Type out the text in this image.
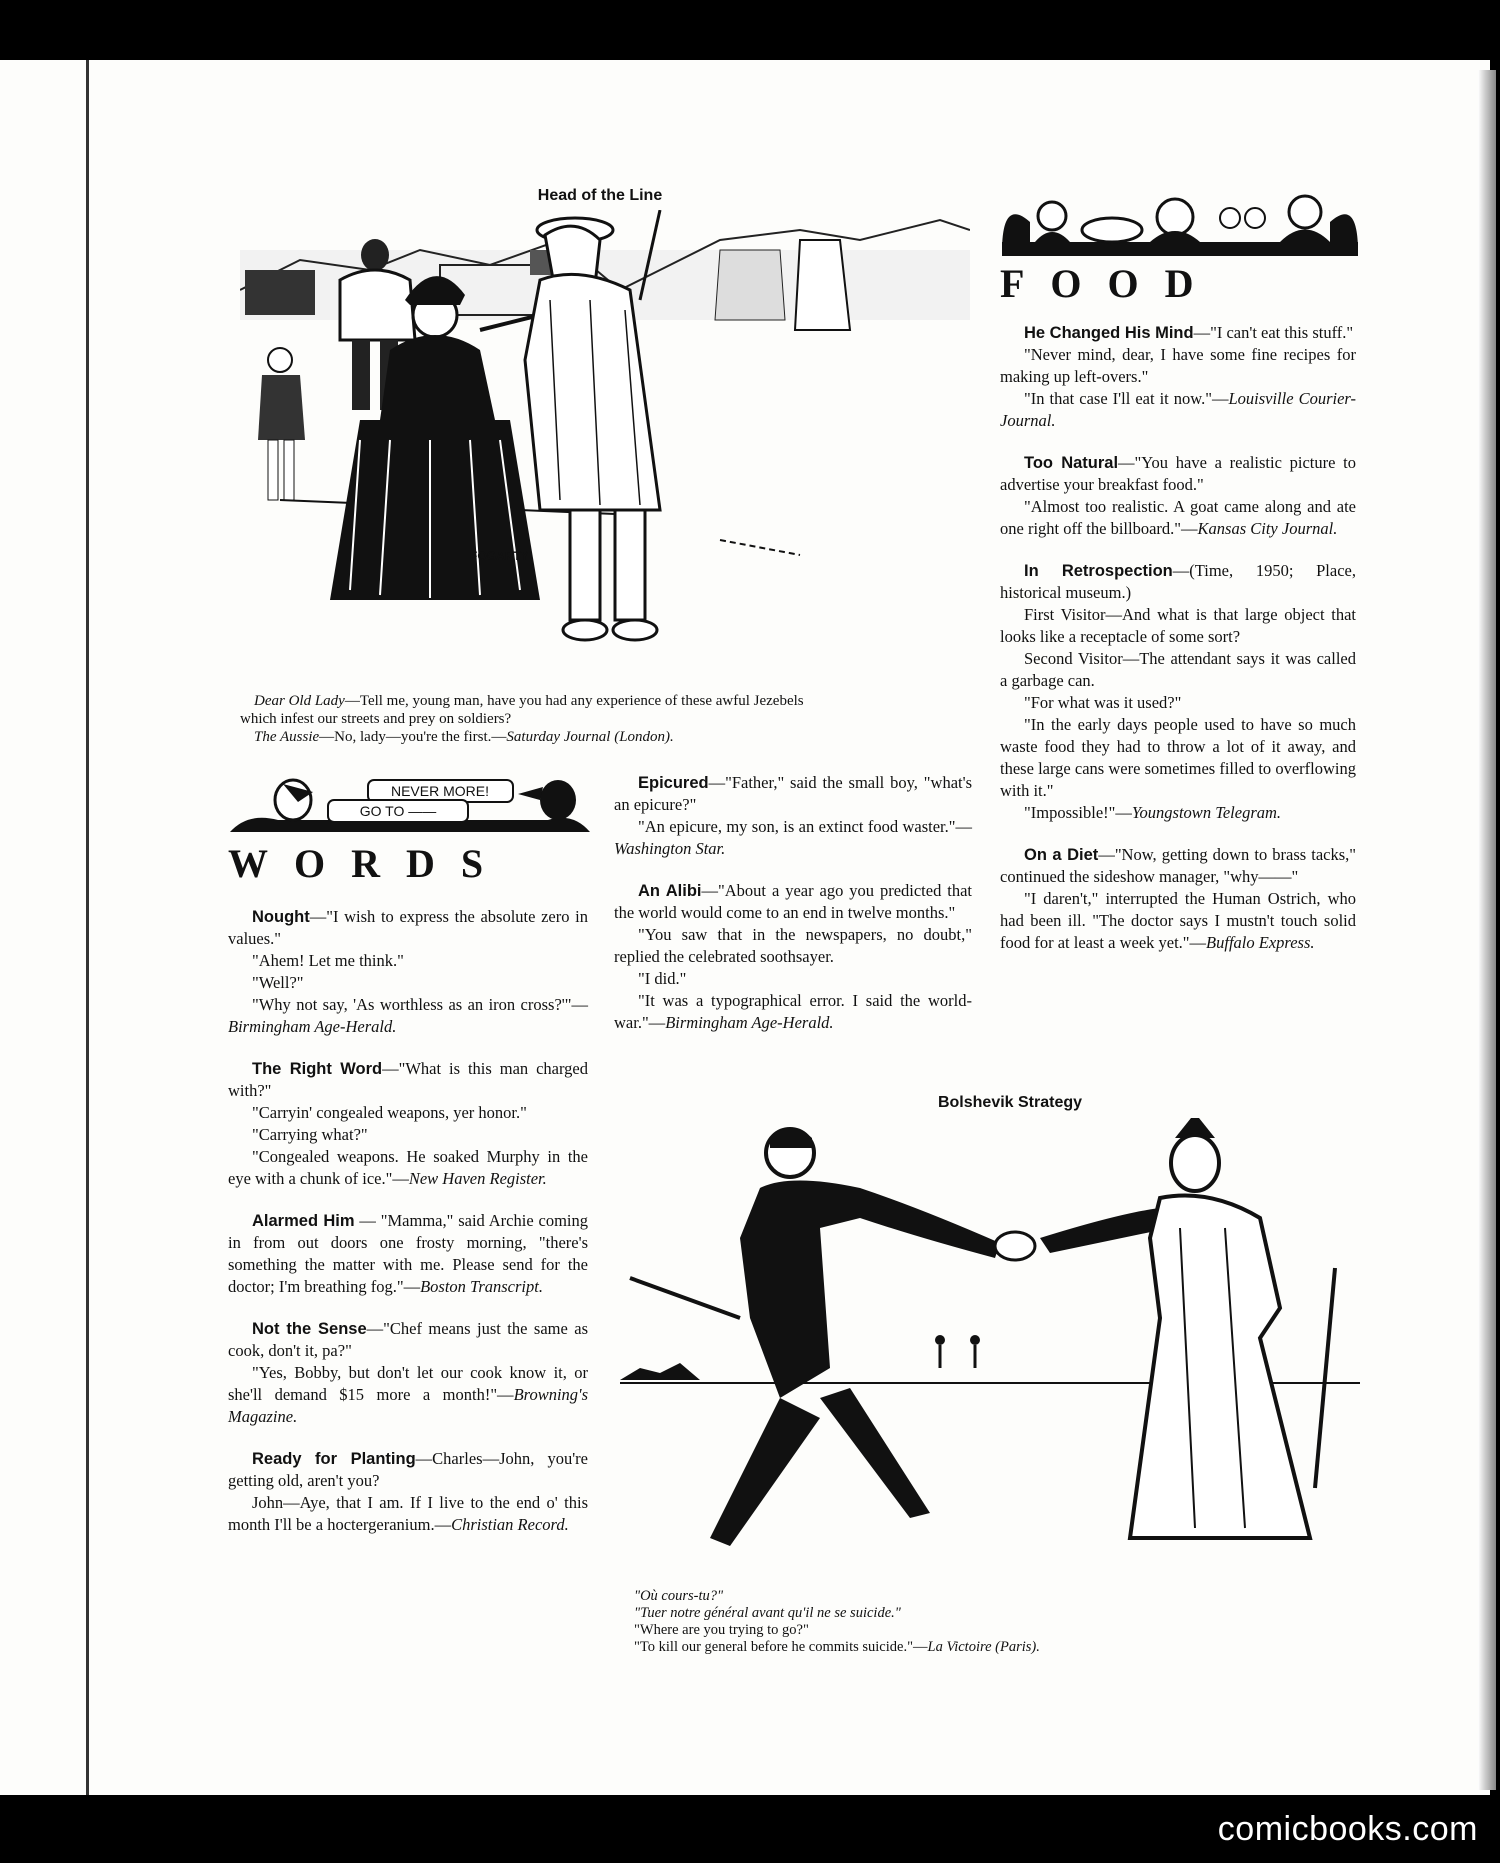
Head of the Line
FOGARTY
Dear Old Lady—Tell me, young man, have you had any experience of these awful Jezebels
which infest our streets and prey on soldiers?
The Aussie—No, lady—you're the first.—Saturday Journal (London).
FOOD

He Changed His Mind—"I can't eat this stuff."

"Never mind, dear, I have some fine recipes for making up left-overs."

"In that case I'll eat it now."—Louisville Courier-Journal.

Too Natural—"You have a realistic picture to advertise your breakfast food."

"Almost too realistic. A goat came along and ate one right off the billboard."—Kansas City Journal.

In Retrospection—(Time, 1950; Place, historical museum.)

First Visitor—And what is that large object that looks like a receptacle of some sort?

Second Visitor—The attendant says it was called a garbage can.

"For what was it used?"

"In the early days people used to have so much waste food they had to throw a lot of it away, and these large cans were sometimes filled to overflowing with it."

"Impossible!"—Youngstown Telegram.

On a Diet—"Now, getting down to brass tacks," continued the sideshow manager, "why——"

"I daren't," interrupted the Human Ostrich, who had been ill. "The doctor says I mustn't touch solid food for at least a week yet."—Buffalo Express.

NEVER MORE!
GO TO ——
WORDS

Nought—"I wish to express the absolute zero in values."

"Ahem! Let me think."

"Well?"

"Why not say, 'As worthless as an iron cross?'"—Birmingham Age-Herald.

The Right Word—"What is this man charged with?"

"Carryin' congealed weapons, yer honor."

"Carrying what?"

"Congealed weapons. He soaked Murphy in the eye with a chunk of ice."—New Haven Register.

Alarmed Him — "Mamma," said Archie coming in from out doors one frosty morning, "there's something the matter with me. Please send for the doctor; I'm breathing fog."—Boston Transcript.

Not the Sense—"Chef means just the same as cook, don't it, pa?"

"Yes, Bobby, but don't let our cook know it, or she'll demand $15 more a month!"—Browning's Magazine.

Ready for Planting—Charles—John, you're getting old, aren't you?

John—Aye, that I am. If I live to the end o' this month I'll be a hoctergeranium.—Christian Record.

Epicured—"Father," said the small boy, "what's an epicure?"

"An epicure, my son, is an extinct food waster."—Washington Star.

An Alibi—"About a year ago you predicted that the world would come to an end in twelve months."

"You saw that in the newspapers, no doubt," replied the celebrated soothsayer.

"I did."

"It was a typographical error. I said the world-war."—Birmingham Age-Herald.

Bolshevik Strategy
"Où cours-tu?"
"Tuer notre général avant qu'il ne se suicide."
"Where are you trying to go?"
"To kill our general before he commits suicide."—La Victoire (Paris).
comicbooks.com
